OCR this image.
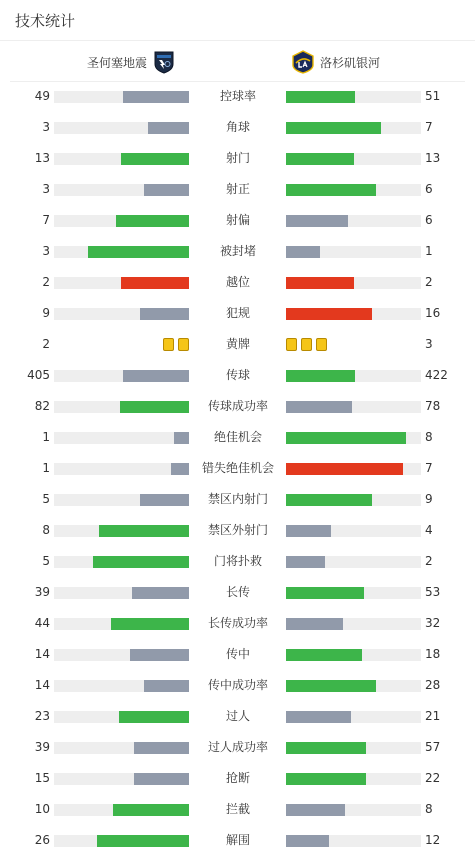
技术统计
圣何塞地震	洛杉矶银河
49	控球率	51
3	角球	7
13	射门	13
3	射正	6
7	射偏	6
3	被封堵	1
2	越位	2
9	犯规	16
2	黄牌	3
405	传球	422
82	传球成功率	78
1	绝佳机会	8
1	错失绝佳机会	7
5	禁区内射门	9
8	禁区外射门	4
5	门将扑救	2
39	长传	53
44	长传成功率	32
14	传中	18
14	传中成功率	28
23	过人	21
39	过人成功率	57
15	抢断	22
10	拦截	8
26	解围	12
